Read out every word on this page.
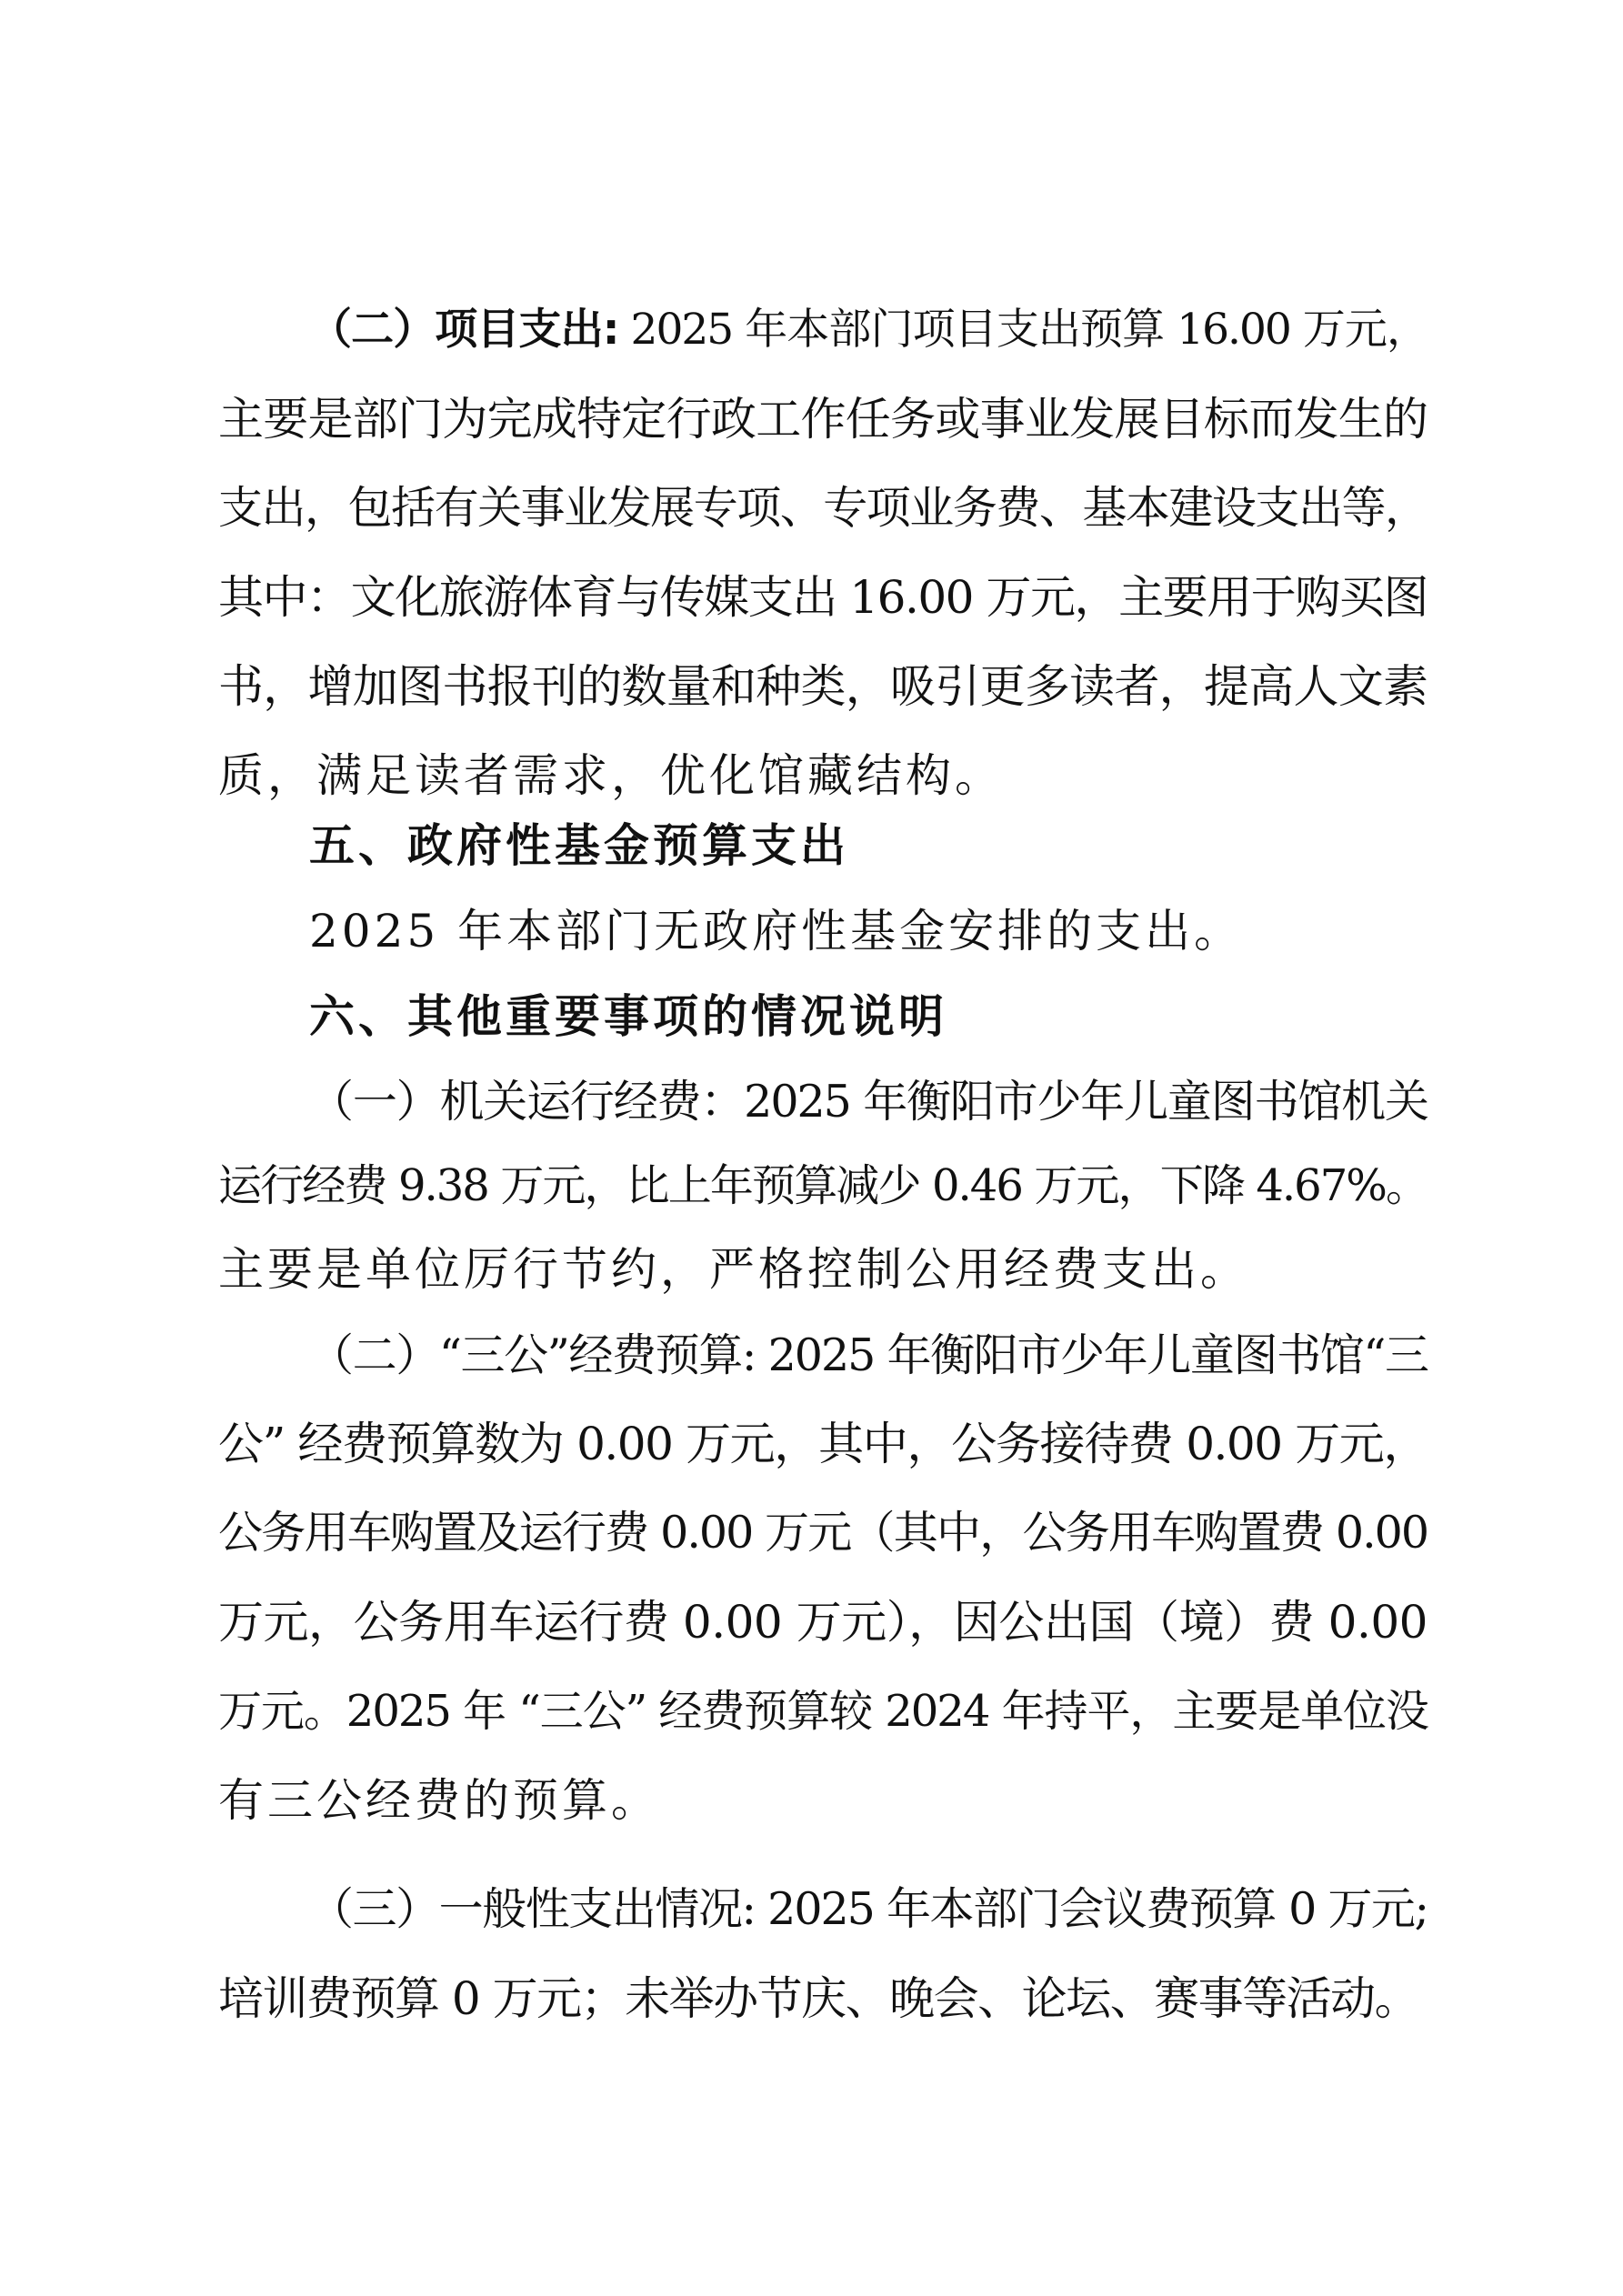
（二）项目支出: 2025 年本部门项目支出预算 16.00 万元，

主要是部门为完成特定行政工作任务或事业发展目标而发生的

支出，包括有关事业发展专项、专项业务费、基本建设支出等，

其中：文化旅游体育与传媒支出 16.00 万元，主要用于购买图

书，增加图书报刊的数量和种类，吸引更多读者，提高人文素

质，满足读者需求，优化馆藏结构。

五、政府性基金预算支出

2025 年本部门无政府性基金安排的支出。

六、其他重要事项的情况说明

（一）机关运行经费：2025 年衡阳市少年儿童图书馆机关

运行经费 9.38 万元，比上年预算减少 0.46 万元，下降 4.67%。

主要是单位厉行节约，严格控制公用经费支出。

（二）“三公”经费预算: 2025 年衡阳市少年儿童图书馆“三

公” 经费预算数为 0.00 万元，其中，公务接待费 0.00 万元，

公务用车购置及运行费 0.00 万元（其中，公务用车购置费 0.00

万元，公务用车运行费 0.00 万元），因公出国（境）费 0.00

万元。2025 年 “三公” 经费预算较 2024 年持平，主要是单位没

有三公经费的预算。

（三）一般性支出情况: 2025 年本部门会议费预算 0 万元;

培训费预算 0 万元；未举办节庆、晚会、论坛、赛事等活动。
